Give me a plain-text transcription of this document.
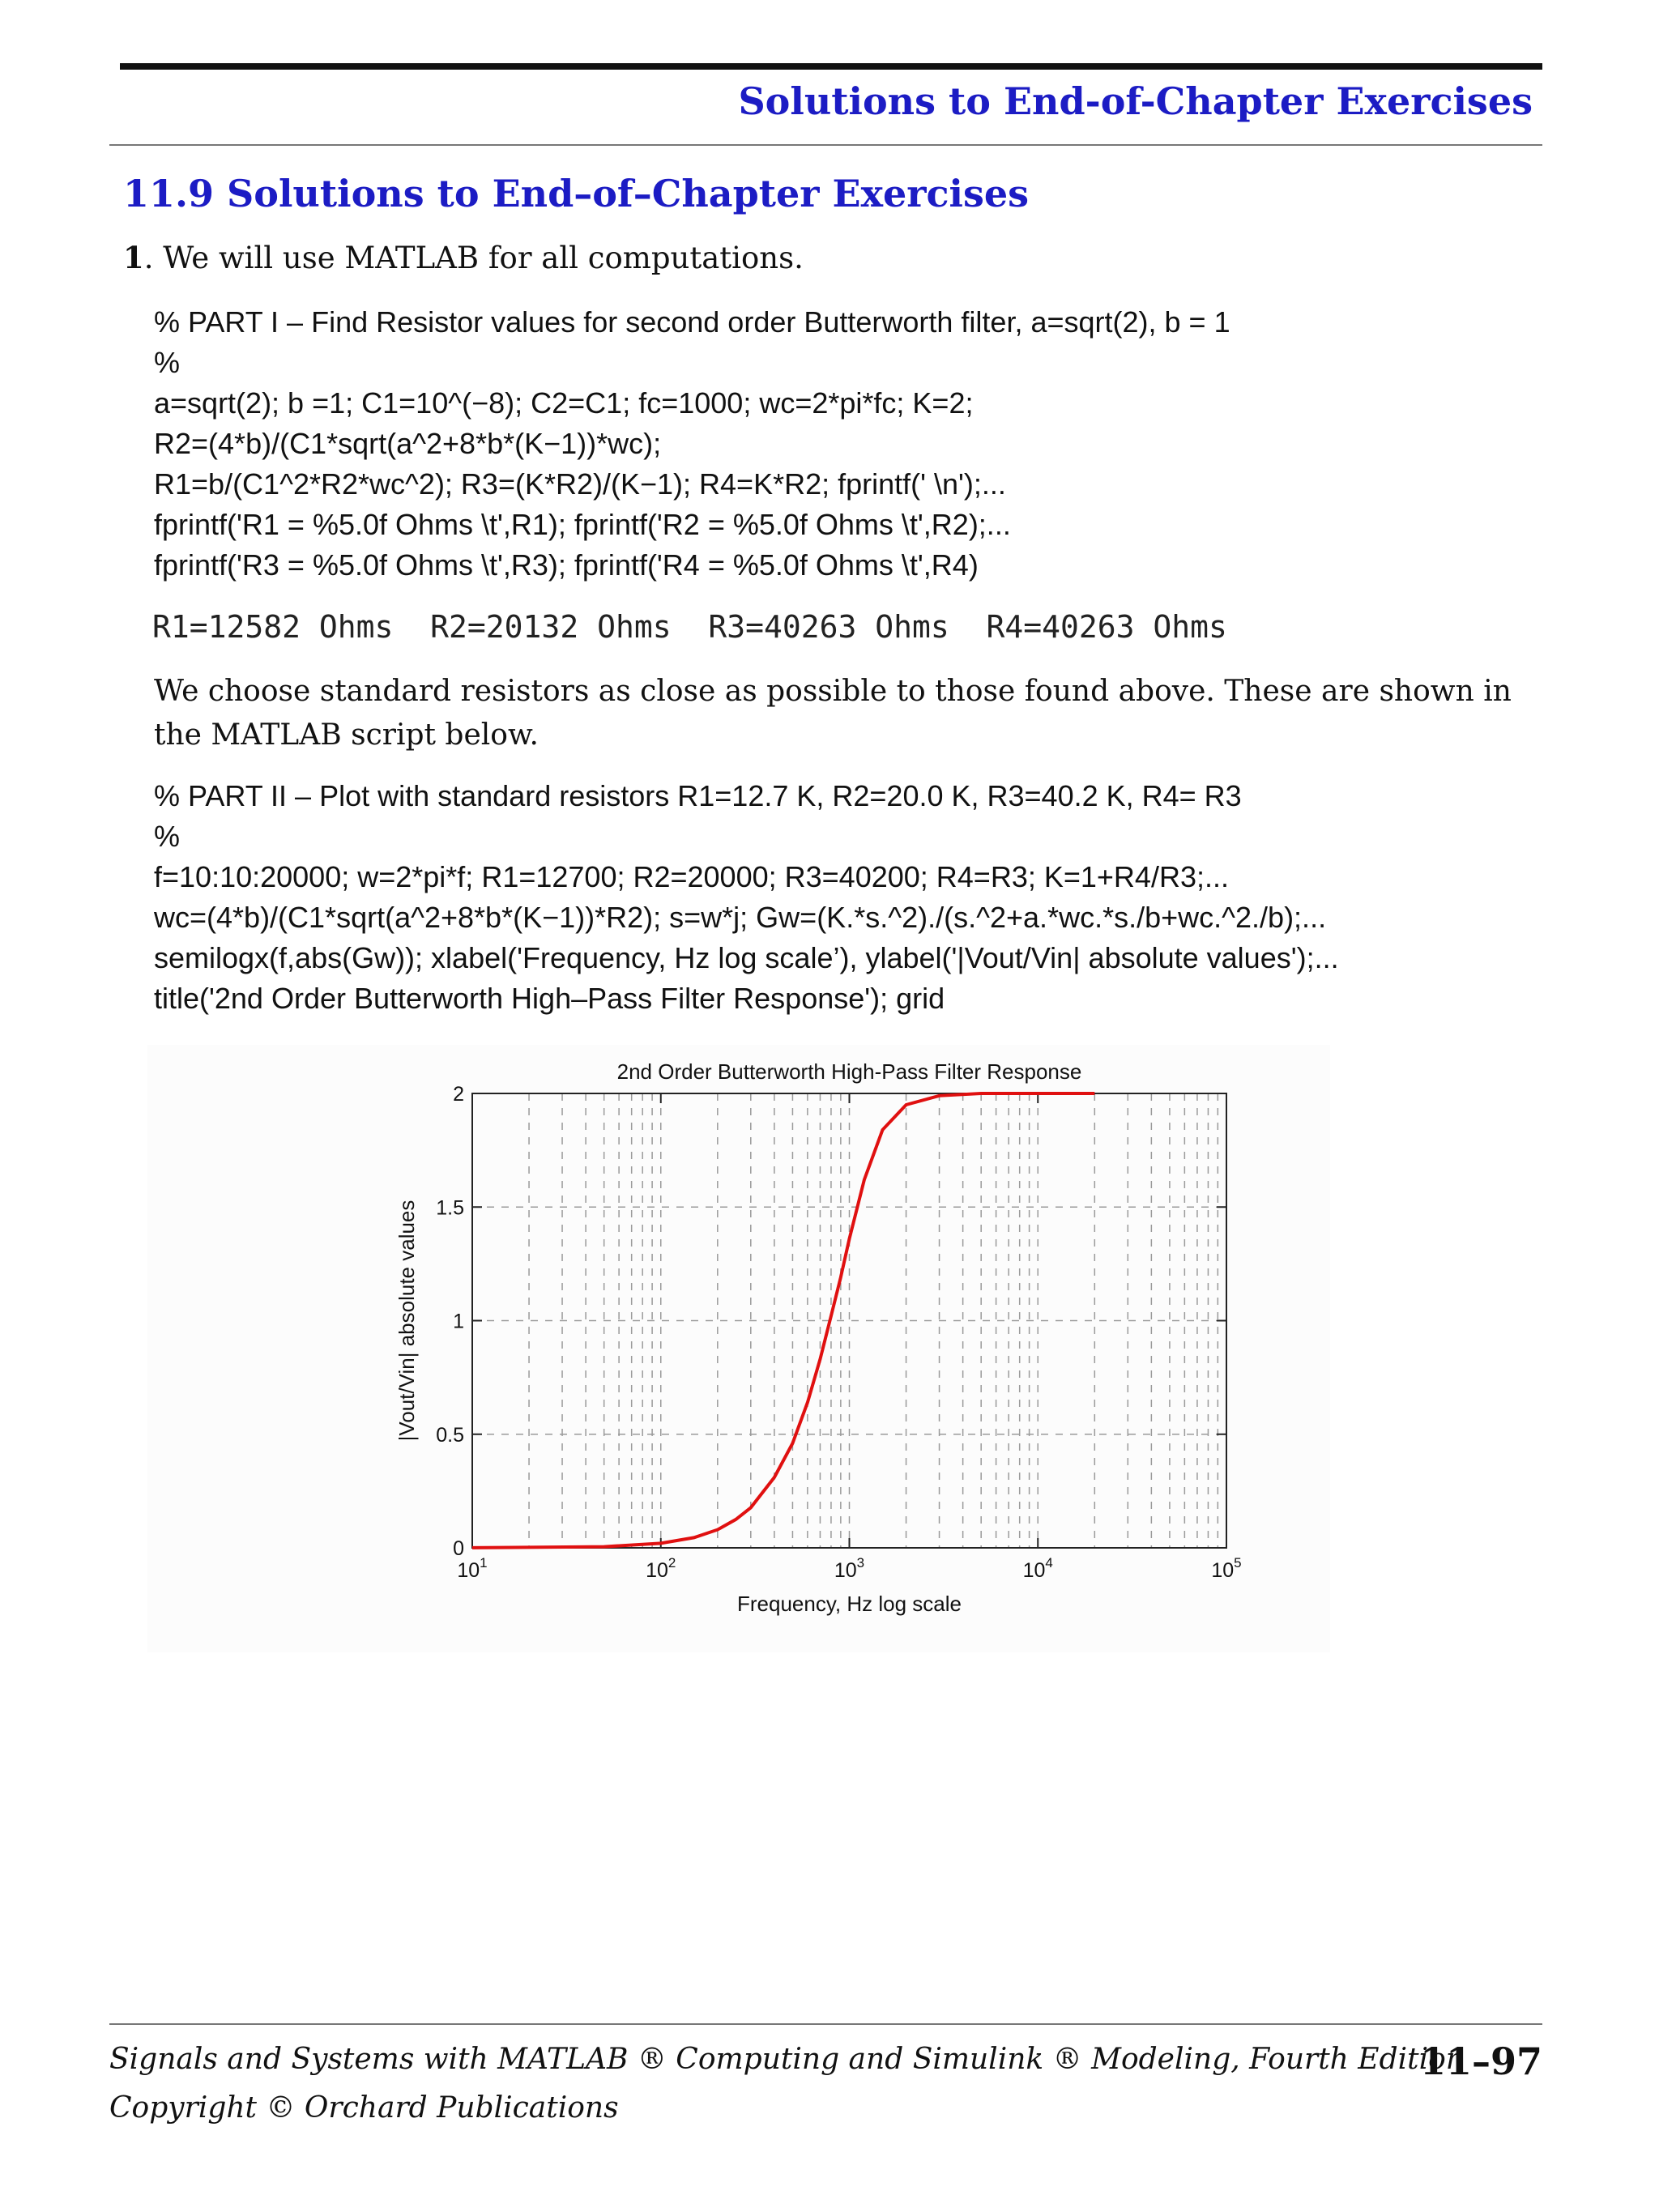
Solutions to End-of-Chapter Exercises
11.9 Solutions to End–of–Chapter Exercises
1. We will use MATLAB for all computations.
% PART I – Find Resistor values for second order Butterworth filter, a=sqrt(2), b = 1
%
a=sqrt(2); b =1; C1=10^(−8); C2=C1; fc=1000; wc=2*pi*fc; K=2;
R2=(4*b)/(C1*sqrt(a^2+8*b*(K−1))*wc);
R1=b/(C1^2*R2*wc^2); R3=(K*R2)/(K−1); R4=K*R2; fprintf(' \n');...
fprintf('R1 = %5.0f Ohms \t',R1); fprintf('R2 = %5.0f Ohms \t',R2);...
fprintf('R3 = %5.0f Ohms \t',R3); fprintf('R4 = %5.0f Ohms \t',R4)
R1=12582 Ohms  R2=20132 Ohms  R3=40263 Ohms  R4=40263 Ohms
We choose standard resistors as close as possible to those found above. These are shown in the MATLAB script below.
% PART II – Plot with standard resistors R1=12.7 K, R2=20.0 K, R3=40.2 K, R4= R3
%
f=10:10:20000; w=2*pi*f; R1=12700; R2=20000; R3=40200; R4=R3; K=1+R4/R3;...
wc=(4*b)/(C1*sqrt(a^2+8*b*(K−1))*R2); s=w*j; Gw=(K.*s.^2)./(s.^2+a.*wc.*s./b+wc.^2./b);...
semilogx(f,abs(Gw)); xlabel('Frequency, Hz log scale’), ylabel('|Vout/Vin| absolute values');...
title('2nd Order Butterworth High–Pass Filter Response'); grid
2nd Order Butterworth High-Pass Filter Response
Frequency, Hz log scale
|Vout/Vin| absolute values
0
0.5
1
1.5
2
$10^1$	$10^2$	$10^3$	$10^4$	$10^5$
Signals and Systems with MATLAB ® Computing and Simulink ® Modeling, Fourth Edition
Copyright © Orchard Publications
11–97
